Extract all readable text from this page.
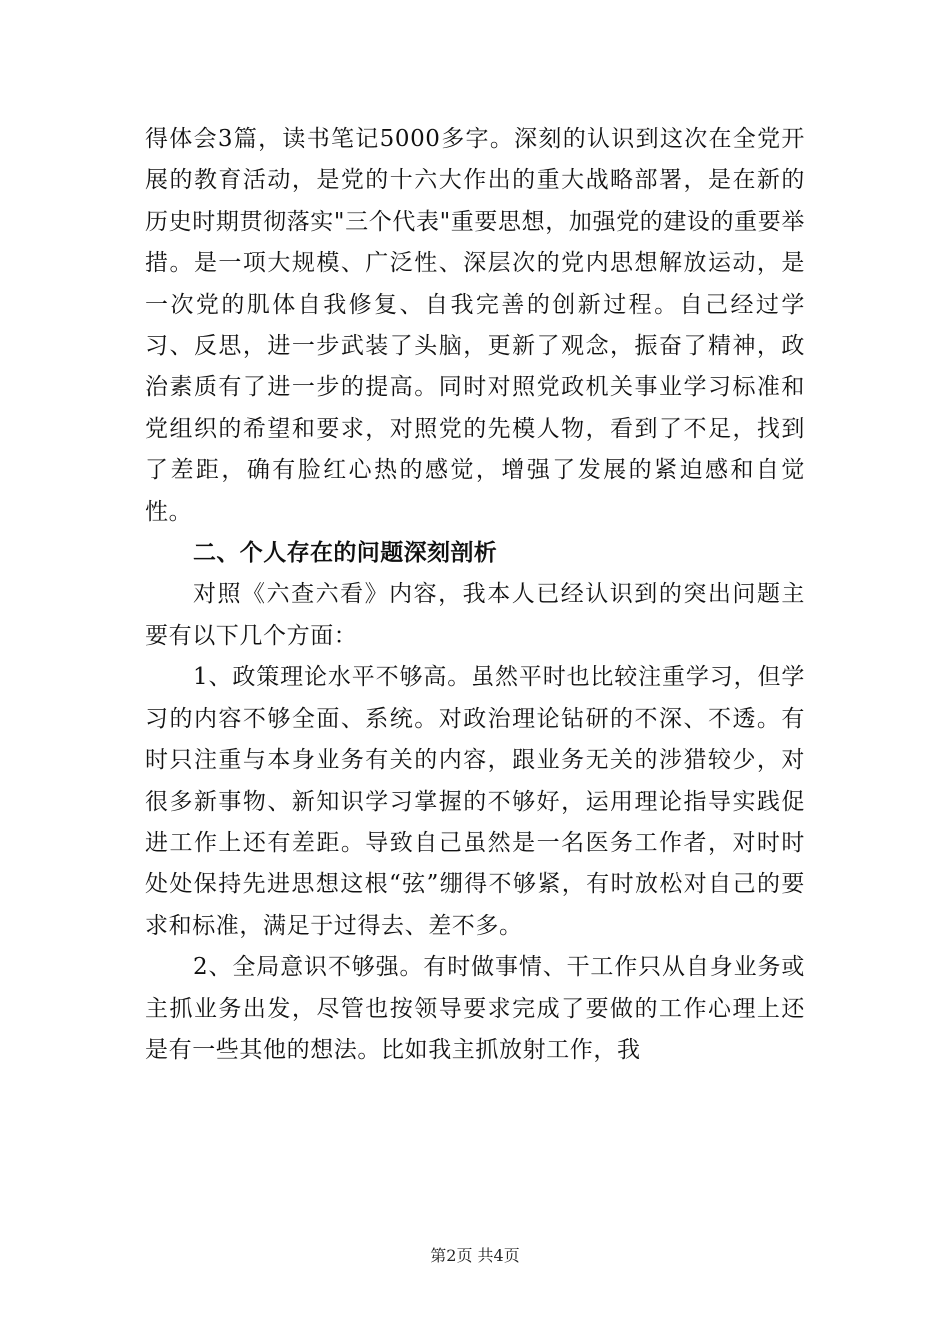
得体会3篇，读书笔记5000多字。深刻的认识到这次在全党开展的教育活动，是党的十六大作出的重大战略部署，是在新的历史时期贯彻落实"三个代表"重要思想，加强党的建设的重要举措。是一项大规模、广泛性、深层次的党内思想解放运动，是一次党的肌体自我修复、自我完善的创新过程。自己经过学习、反思，进一步武装了头脑，更新了观念，振奋了精神，政治素质有了进一步的提高。同时对照党政机关事业学习标准和党组织的希望和要求，对照党的先模人物，看到了不足，找到了差距，确有脸红心热的感觉，增强了发展的紧迫感和自觉性。

二、个人存在的问题深刻剖析

对照《六查六看》内容，我本人已经认识到的突出问题主要有以下几个方面：

1、政策理论水平不够高。虽然平时也比较注重学习，但学习的内容不够全面、系统。对政治理论钻研的不深、不透。有时只注重与本身业务有关的内容，跟业务无关的涉猎较少，对很多新事物、新知识学习掌握的不够好，运用理论指导实践促进工作上还有差距。导致自己虽然是一名医务工作者，对时时处处保持先进思想这根“弦”绷得不够紧，有时放松对自己的要求和标准，满足于过得去、差不多。

2、全局意识不够强。有时做事情、干工作只从自身业务或主抓业务出发，尽管也按领导要求完成了要做的工作心理上还是有一些其他的想法。比如我主抓放射工作，我

第2页 共4页
